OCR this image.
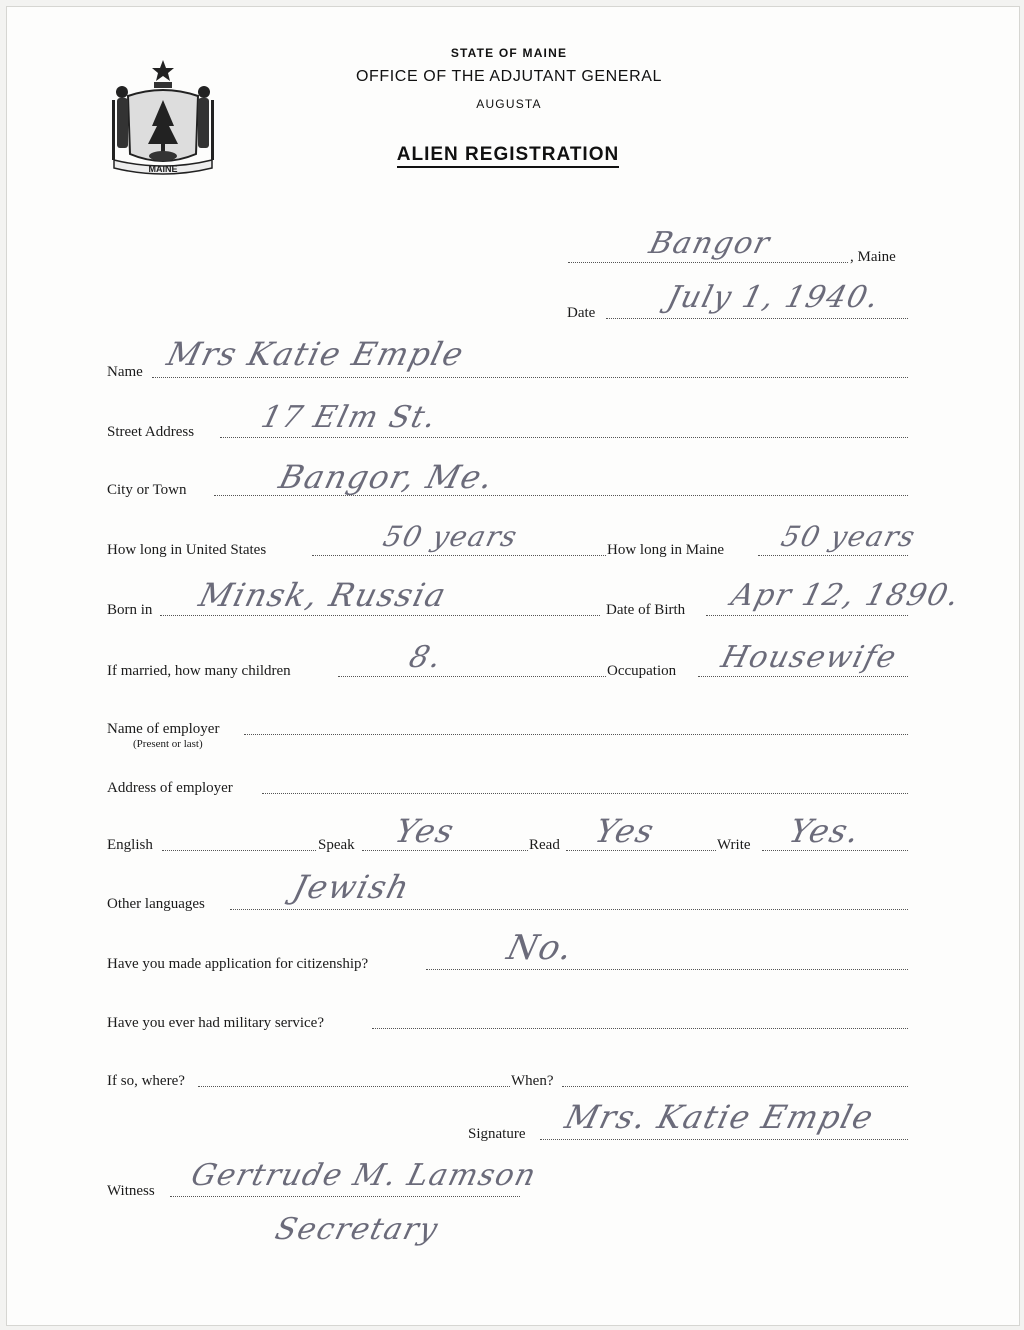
MAINE
STATE OF MAINE
OFFICE OF THE ADJUTANT GENERAL
AUGUSTA
ALIEN REGISTRATION
Bangor	, Maine
Date July 1, 1940.
Name Mrs Katie Emple
Street Address 17 Elm St.
City or Town	Bangor, Me.
How long in United States	50 years	How long in Maine 50 years
Born in Minsk, Russia	Date of Birth Apr 12, 1890.
If married, how many children	8.	Occupation Housewife
Name of employer
(Present or last)
Address of employer
English	Speak Yes	Read Yes	Write Yes.
Other languages	Jewish
Have you made application for citizenship?	No.
Have you ever had military service?
If so, where?	When?
Signature Mrs. Katie Emple
Witness Gertrude M. Lamson
Secretary
